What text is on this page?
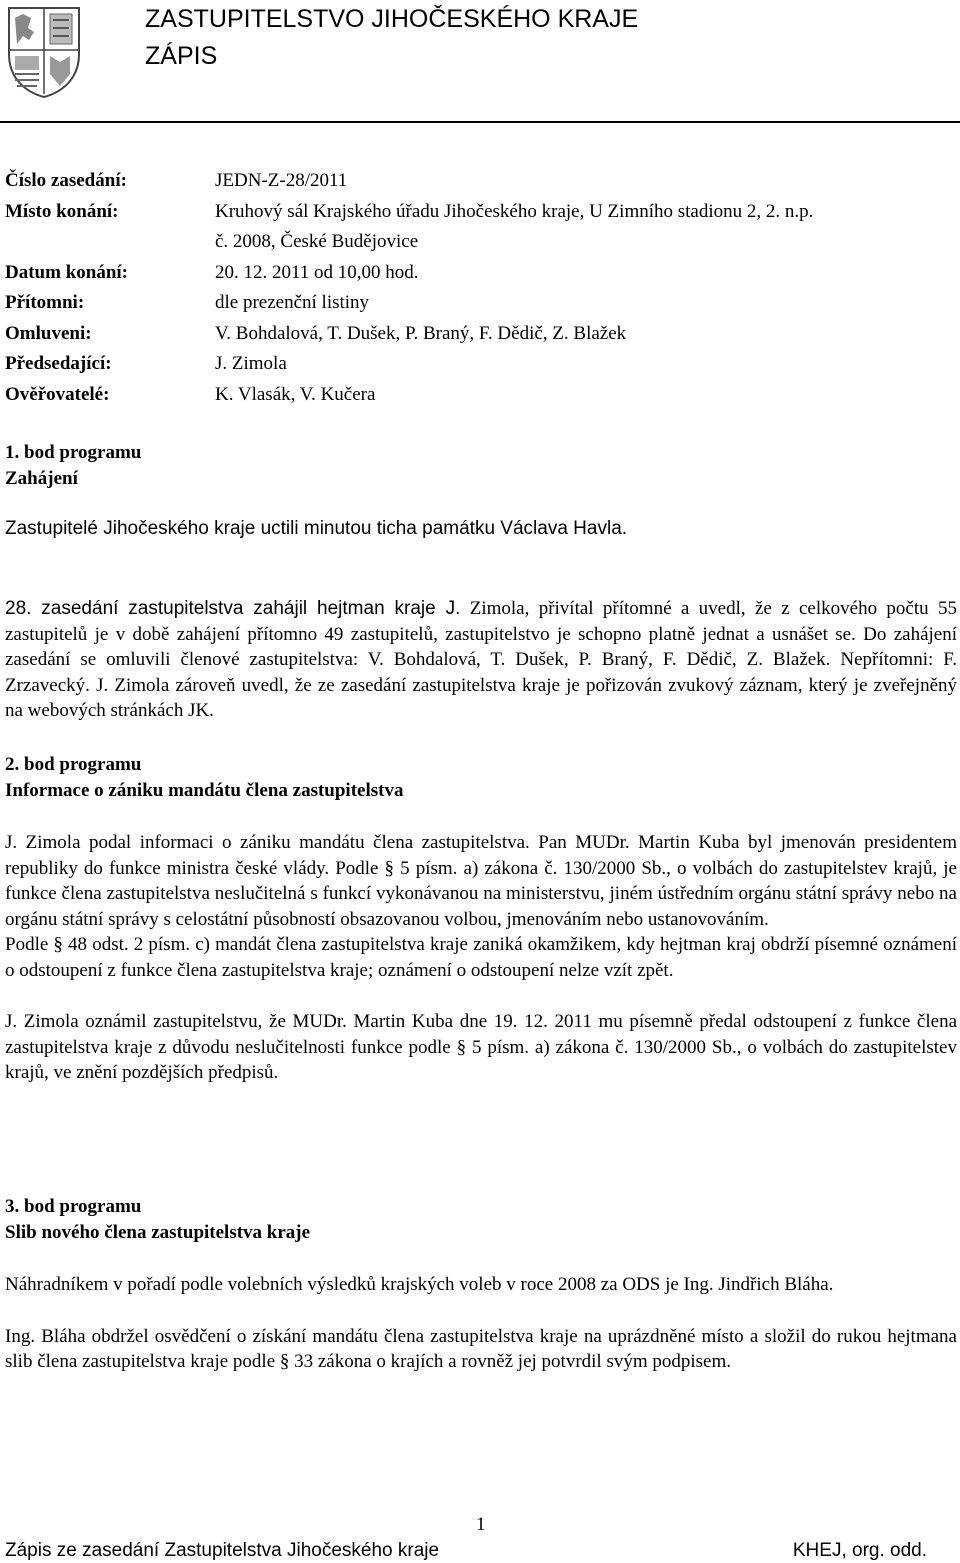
ZASTUPITELSTVO JIHOČESKÉHO KRAJE
ZÁPIS
Číslo zasedání:	JEDN-Z-28/2011
Místo konání:	Kruhový sál Krajského úřadu Jihočeského kraje, U Zimního stadionu 2, 2. n.p.
č. 2008, České Budějovice
Datum konání:	20. 12. 2011 od 10,00 hod.
Přítomni:	dle prezenční listiny
Omluveni:	V. Bohdalová, T. Dušek, P. Braný, F. Dědič, Z. Blažek
Předsedající:	J. Zimola
Ověřovatelé:	K. Vlasák, V. Kučera
1. bod programu
Zahájení
Zastupitelé Jihočeského kraje uctili minutou ticha památku Václava Havla.

28. zasedání zastupitelstva zahájil hejtman kraje J. Zimola, přivítal přítomné a uvedl, že z celkového počtu 55 zastupitelů je v době zahájení přítomno 49 zastupitelů, zastupitelstvo je schopno platně jednat a usnášet se. Do zahájení zasedání se omluvili členové zastupitelstva: V. Bohdalová, T. Dušek, P. Braný, F. Dědič, Z. Blažek. Nepřítomni: F. Zrzavecký. J. Zimola zároveň uvedl, že ze zasedání zastupitelstva kraje je pořizován zvukový záznam, který je zveřejněný na webových stránkách JK.

2. bod programu
Informace o zániku mandátu člena zastupitelstva

J. Zimola podal informaci o zániku mandátu člena zastupitelstva. Pan MUDr. Martin Kuba byl jmenován presidentem republiky do funkce ministra české vlády. Podle § 5 písm. a) zákona č. 130/2000 Sb., o volbách do zastupitelstev krajů, je funkce člena zastupitelstva neslučitelná s funkcí vykonávanou na ministerstvu, jiném ústředním orgánu státní správy nebo na orgánu státní správy s celostátní působností obsazovanou volbou, jmenováním nebo ustanovováním.

Podle § 48 odst. 2 písm. c) mandát člena zastupitelstva kraje zaniká okamžikem, kdy hejtman kraj obdrží písemné oznámení o odstoupení z funkce člena zastupitelstva kraje; oznámení o odstoupení nelze vzít zpět.

J. Zimola oznámil zastupitelstvu, že MUDr. Martin Kuba dne 19. 12. 2011 mu písemně předal odstoupení z funkce člena zastupitelstva kraje z důvodu neslučitelnosti funkce podle § 5 písm. a) zákona č. 130/2000 Sb., o volbách do zastupitelstev krajů, ve znění pozdějších předpisů.

3. bod programu
Slib nového člena zastupitelstva kraje

Náhradníkem v pořadí podle volebních výsledků krajských voleb v roce 2008 za ODS je Ing. Jindřich Bláha.

Ing. Bláha obdržel osvědčení o získání mandátu člena zastupitelstva kraje na uprázdněné místo a složil do rukou hejtmana slib člena zastupitelstva kraje podle § 33 zákona o krajích a rovněž jej potvrdil svým podpisem.

1
Zápis ze zasedání Zastupitelstva Jihočeského kraje	KHEJ, org. odd.
